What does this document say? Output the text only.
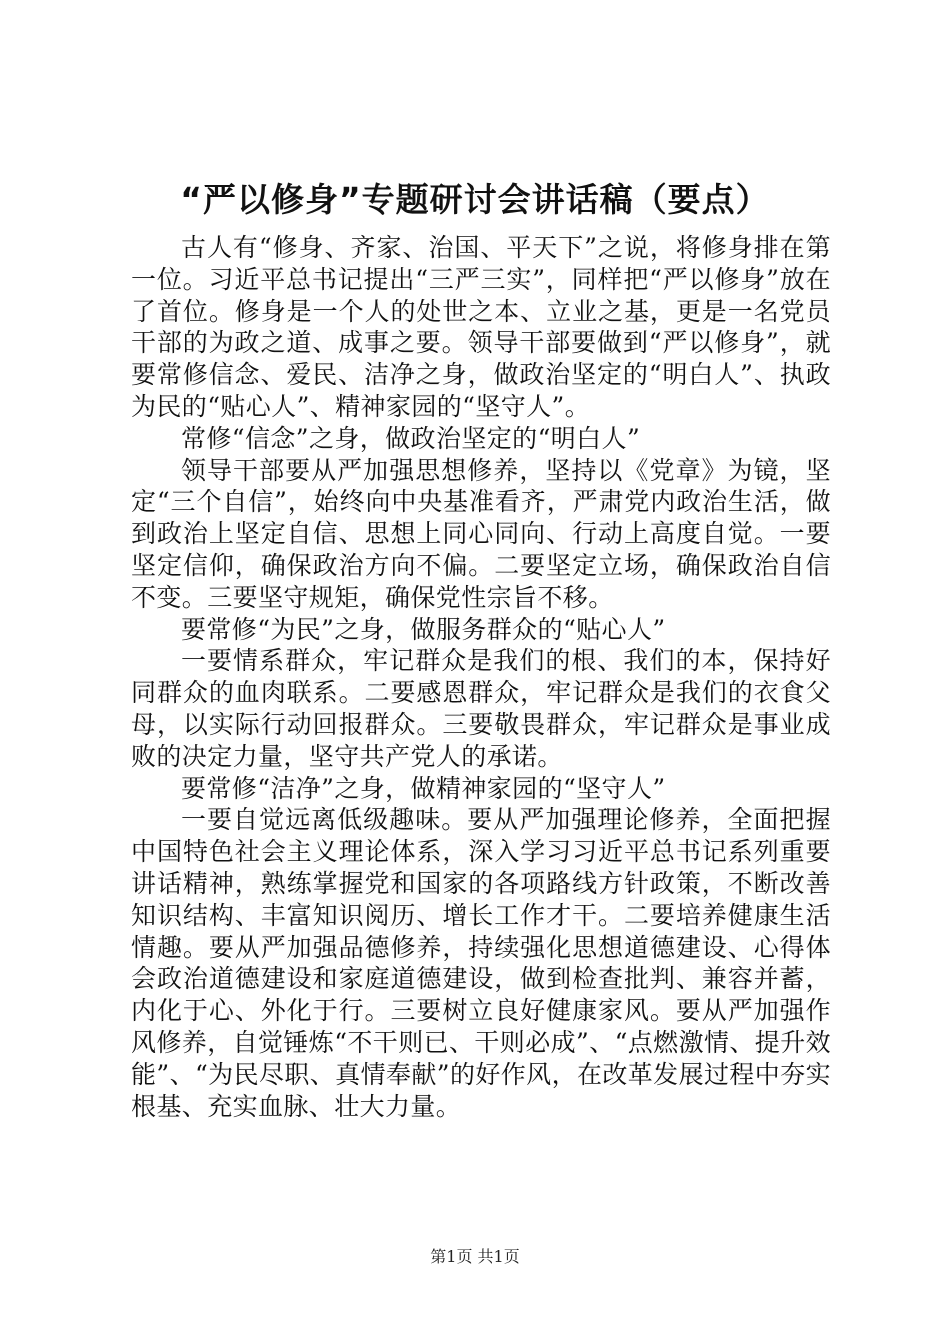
“严以修身”专题研讨会讲话稿（要点）

古人有“修身、齐家、治国、平天下”之说，将修身排在第一位。习近平总书记提出“三严三实”，同样把“严以修身”放在了首位。修身是一个人的处世之本、立业之基，更是一名党员干部的为政之道、成事之要。领导干部要做到“严以修身”，就要常修信念、爱民、洁净之身，做政治坚定的“明白人”、执政为民的“贴心人”、精神家园的“坚守人”。

常修“信念”之身，做政治坚定的“明白人”

领导干部要从严加强思想修养，坚持以《党章》为镜，坚定“三个自信”，始终向中央基准看齐，严肃党内政治生活，做到政治上坚定自信、思想上同心同向、行动上高度自觉。一要坚定信仰，确保政治方向不偏。二要坚定立场，确保政治自信不变。三要坚守规矩，确保党性宗旨不移。

要常修“为民”之身，做服务群众的“贴心人”

一要情系群众，牢记群众是我们的根、我们的本，保持好同群众的血肉联系。二要感恩群众，牢记群众是我们的衣食父母，以实际行动回报群众。三要敬畏群众，牢记群众是事业成败的决定力量，坚守共产党人的承诺。

要常修“洁净”之身，做精神家园的“坚守人”

一要自觉远离低级趣味。要从严加强理论修养，全面把握中国特色社会主义理论体系，深入学习习近平总书记系列重要讲话精神，熟练掌握党和国家的各项路线方针政策，不断改善知识结构、丰富知识阅历、增长工作才干。二要培养健康生活情趣。要从严加强品德修养，持续强化思想道德建设、心得体会政治道德建设和家庭道德建设，做到检查批判、兼容并蓄，内化于心、外化于行。三要树立良好健康家风。要从严加强作风修养，自觉锤炼“不干则已、干则必成”、“点燃激情、提升效能”、“为民尽职、真情奉献”的好作风，在改革发展过程中夯实根基、充实血脉、壮大力量。

第1页 共1页
